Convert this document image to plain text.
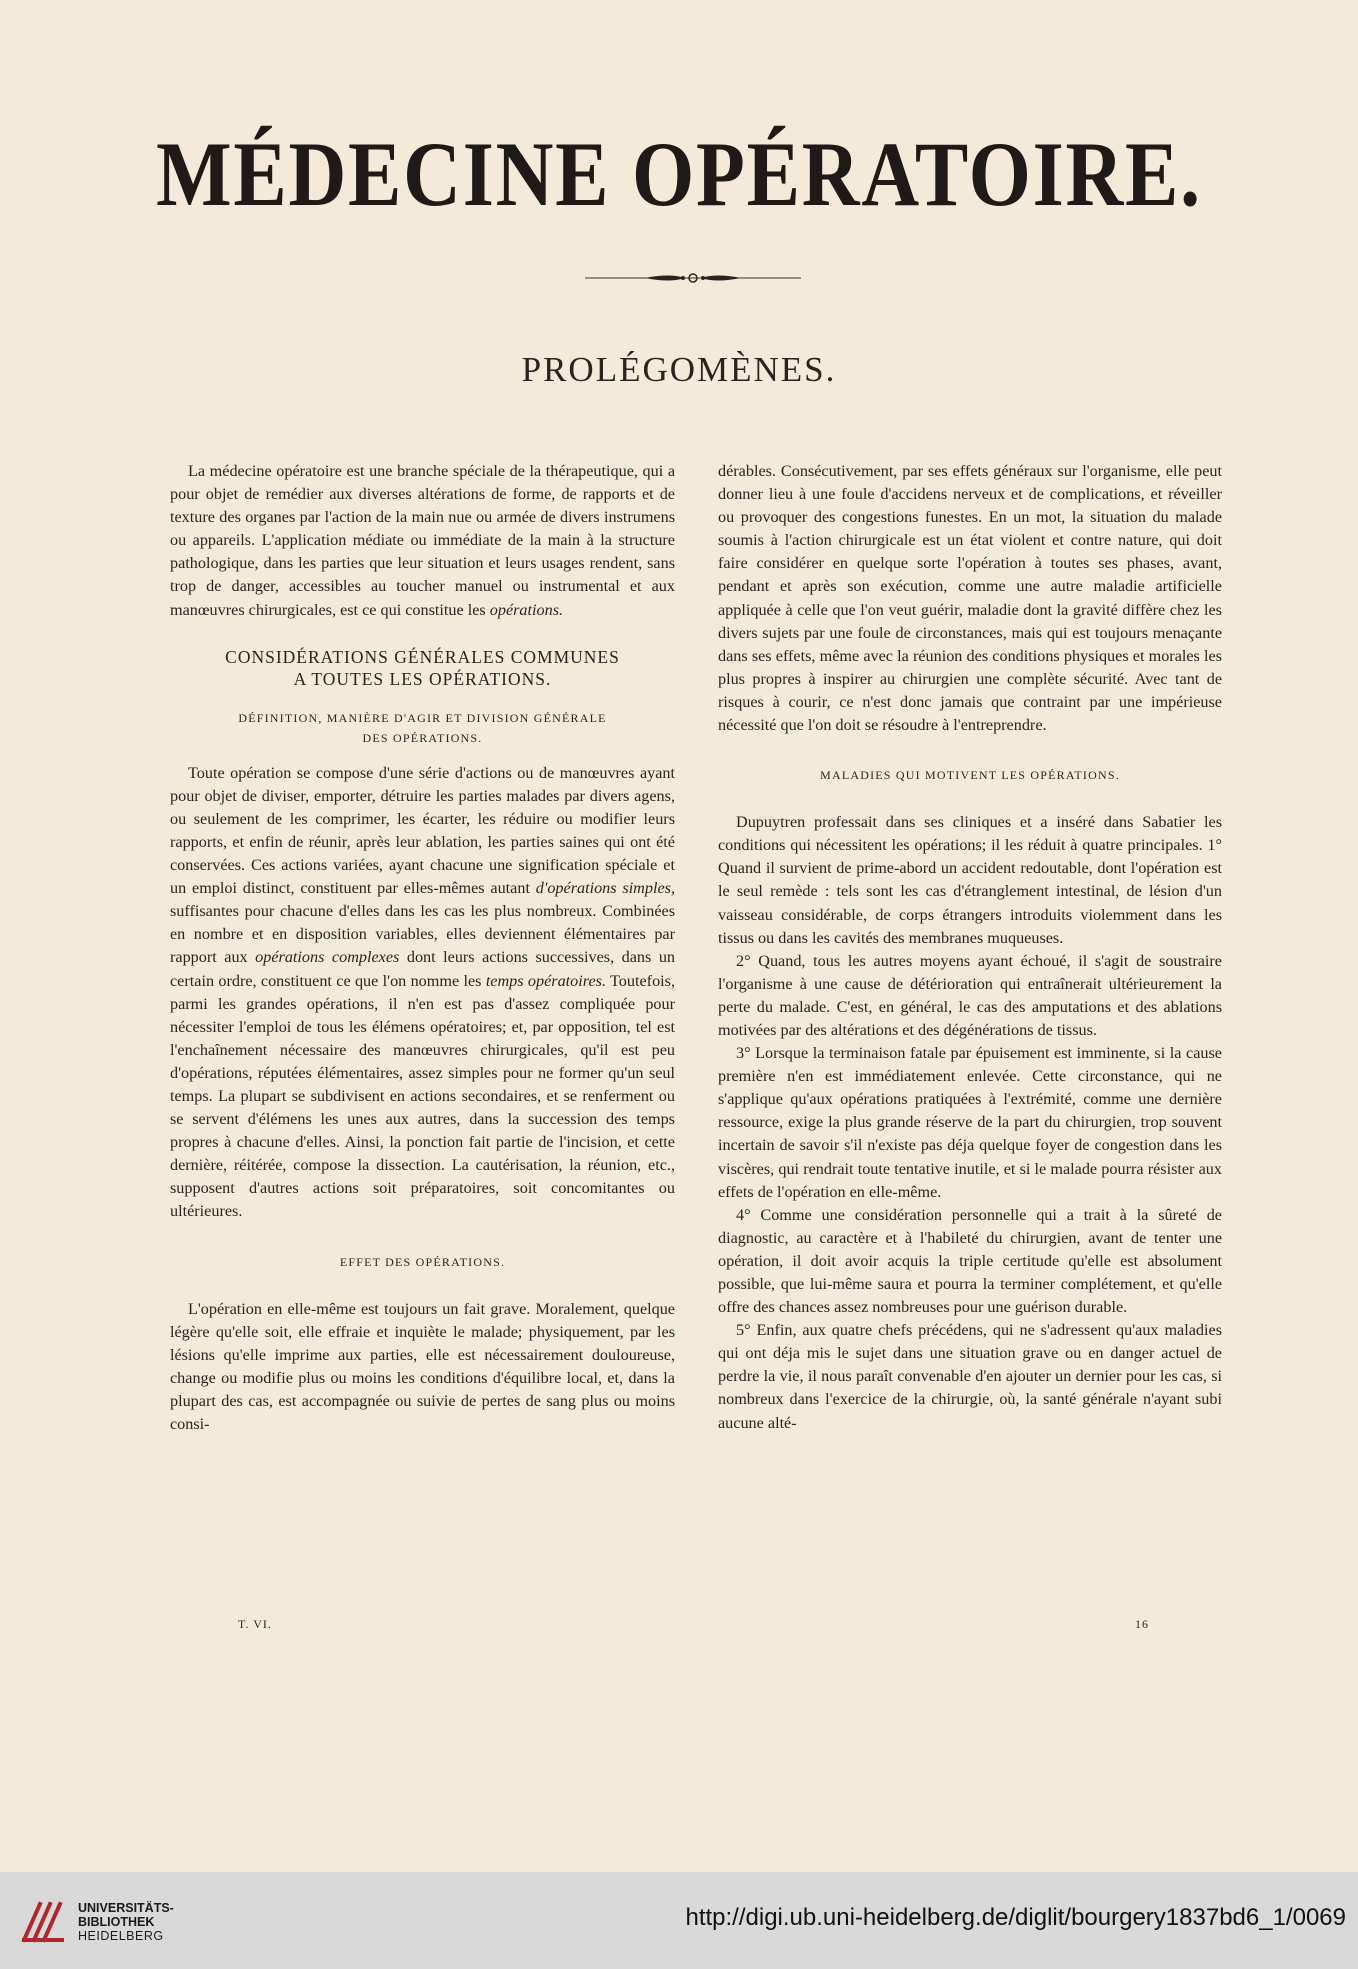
MÉDECINE OPÉRATOIRE.
PROLÉGOMÈNES.

La médecine opératoire est une branche spéciale de la thérapeutique, qui a pour objet de remédier aux diverses altérations de forme, de rapports et de texture des organes par l'action de la main nue ou armée de divers instrumens ou appareils. L'application médiate ou immédiate de la main à la structure pathologique, dans les parties que leur situation et leurs usages rendent, sans trop de danger, accessibles au toucher manuel ou instrumental et aux manœuvres chirurgicales, est ce qui constitue les opérations.

CONSIDÉRATIONS GÉNÉRALES COMMUNES
A TOUTES LES OPÉRATIONS.
DÉFINITION, MANIÈRE D'AGIR ET DIVISION GÉNÉRALE
DES OPÉRATIONS.

Toute opération se compose d'une série d'actions ou de manœuvres ayant pour objet de diviser, emporter, détruire les parties malades par divers agens, ou seulement de les comprimer, les écarter, les réduire ou modifier leurs rapports, et enfin de réunir, après leur ablation, les parties saines qui ont été conservées. Ces actions variées, ayant chacune une signification spéciale et un emploi distinct, constituent par elles-mêmes autant d'opérations simples, suffisantes pour chacune d'elles dans les cas les plus nombreux. Combinées en nombre et en disposition variables, elles deviennent élémentaires par rapport aux opérations complexes dont leurs actions successives, dans un certain ordre, constituent ce que l'on nomme les temps opératoires. Toutefois, parmi les grandes opérations, il n'en est pas d'assez compliquée pour nécessiter l'emploi de tous les élémens opératoires; et, par opposition, tel est l'enchaînement nécessaire des manœuvres chirurgicales, qu'il est peu d'opérations, réputées élémentaires, assez simples pour ne former qu'un seul temps. La plupart se subdivisent en actions secondaires, et se renferment ou se servent d'élémens les unes aux autres, dans la succession des temps propres à chacune d'elles. Ainsi, la ponction fait partie de l'incision, et cette dernière, réitérée, compose la dissection. La cautérisation, la réunion, etc., supposent d'autres actions soit préparatoires, soit concomitantes ou ultérieures.

EFFET DES OPÉRATIONS.

L'opération en elle-même est toujours un fait grave. Moralement, quelque légère qu'elle soit, elle effraie et inquiète le malade; physiquement, par les lésions qu'elle imprime aux parties, elle est nécessairement douloureuse, change ou modifie plus ou moins les conditions d'équilibre local, et, dans la plupart des cas, est accompagnée ou suivie de pertes de sang plus ou moins consi-

dérables. Consécutivement, par ses effets généraux sur l'organisme, elle peut donner lieu à une foule d'accidens nerveux et de complications, et réveiller ou provoquer des congestions funestes. En un mot, la situation du malade soumis à l'action chirurgicale est un état violent et contre nature, qui doit faire considérer en quelque sorte l'opération à toutes ses phases, avant, pendant et après son exécution, comme une autre maladie artificielle appliquée à celle que l'on veut guérir, maladie dont la gravité diffère chez les divers sujets par une foule de circonstances, mais qui est toujours menaçante dans ses effets, même avec la réunion des conditions physiques et morales les plus propres à inspirer au chirurgien une complète sécurité. Avec tant de risques à courir, ce n'est donc jamais que contraint par une impérieuse nécessité que l'on doit se résoudre à l'entreprendre.

MALADIES QUI MOTIVENT LES OPÉRATIONS.

Dupuytren professait dans ses cliniques et a inséré dans Sabatier les conditions qui nécessitent les opérations; il les réduit à quatre principales. 1° Quand il survient de prime-abord un accident redoutable, dont l'opération est le seul remède : tels sont les cas d'étranglement intestinal, de lésion d'un vaisseau considérable, de corps étrangers introduits violemment dans les tissus ou dans les cavités des membranes muqueuses.

2° Quand, tous les autres moyens ayant échoué, il s'agit de soustraire l'organisme à une cause de détérioration qui entraînerait ultérieurement la perte du malade. C'est, en général, le cas des amputations et des ablations motivées par des altérations et des dégénérations de tissus.

3° Lorsque la terminaison fatale par épuisement est imminente, si la cause première n'en est immédiatement enlevée. Cette circonstance, qui ne s'applique qu'aux opérations pratiquées à l'extrémité, comme une dernière ressource, exige la plus grande réserve de la part du chirurgien, trop souvent incertain de savoir s'il n'existe pas déja quelque foyer de congestion dans les viscères, qui rendrait toute tentative inutile, et si le malade pourra résister aux effets de l'opération en elle-même.

4° Comme une considération personnelle qui a trait à la sûreté de diagnostic, au caractère et à l'habileté du chirurgien, avant de tenter une opération, il doit avoir acquis la triple certitude qu'elle est absolument possible, que lui-même saura et pourra la terminer complétement, et qu'elle offre des chances assez nombreuses pour une guérison durable.

5° Enfin, aux quatre chefs précédens, qui ne s'adressent qu'aux maladies qui ont déja mis le sujet dans une situation grave ou en danger actuel de perdre la vie, il nous paraît convenable d'en ajouter un dernier pour les cas, si nombreux dans l'exercice de la chirurgie, où, la santé générale n'ayant subi aucune alté-

T. VI.	16
UNIVERSITÄTS-
BIBLIOTHEK
HEIDELBERG
http://digi.ub.uni-heidelberg.de/diglit/bourgery1837bd6_1/0069
